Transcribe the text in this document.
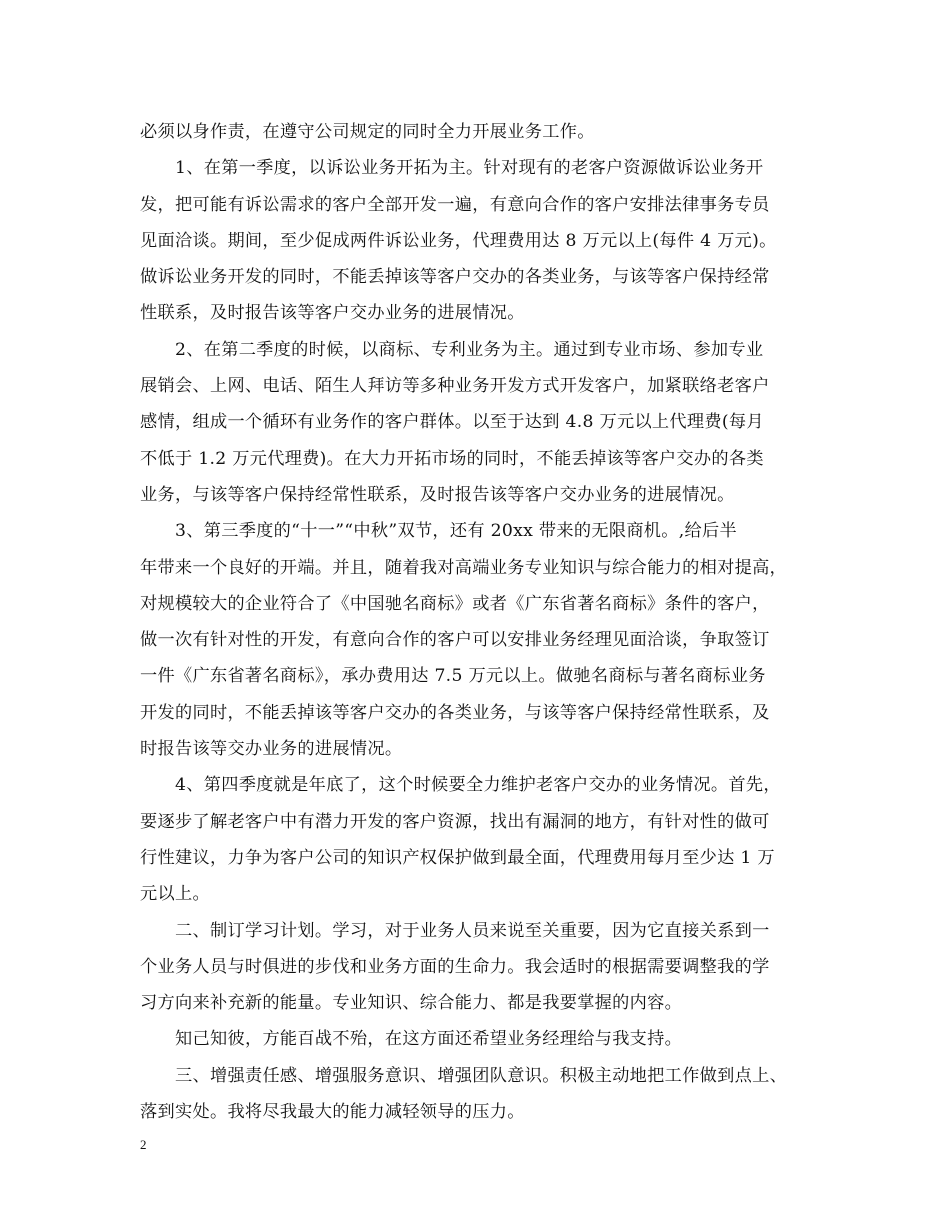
必须以身作责，在遵守公司规定的同时全力开展业务工作。
1、在第一季度，以诉讼业务开拓为主。针对现有的老客户资源做诉讼业务开
发，把可能有诉讼需求的客户全部开发一遍，有意向合作的客户安排法律事务专员
见面洽谈。期间，至少促成两件诉讼业务，代理费用达 8 万元以上(每件 4 万元)。
做诉讼业务开发的同时，不能丢掉该等客户交办的各类业务，与该等客户保持经常
性联系，及时报告该等客户交办业务的进展情况。
2、在第二季度的时候，以商标、专利业务为主。通过到专业市场、参加专业
展销会、上网、电话、陌生人拜访等多种业务开发方式开发客户，加紧联络老客户
感情，组成一个循环有业务作的客户群体。以至于达到 4.8 万元以上代理费(每月
不低于 1.2 万元代理费)。在大力开拓市场的同时，不能丢掉该等客户交办的各类
业务，与该等客户保持经常性联系，及时报告该等客户交办业务的进展情况。
3、第三季度的“十一”“中秋”双节，还有 20xx 带来的无限商机。,给后半
年带来一个良好的开端。并且，随着我对高端业务专业知识与综合能力的相对提高，
对规模较大的企业符合了《中国驰名商标》或者《广东省著名商标》条件的客户，
做一次有针对性的开发，有意向合作的客户可以安排业务经理见面洽谈，争取签订
一件《广东省著名商标》，承办费用达 7.5 万元以上。做驰名商标与著名商标业务
开发的同时，不能丢掉该等客户交办的各类业务，与该等客户保持经常性联系，及
时报告该等交办业务的进展情况。
4、第四季度就是年底了，这个时候要全力维护老客户交办的业务情况。首先，
要逐步了解老客户中有潜力开发的客户资源，找出有漏洞的地方，有针对性的做可
行性建议，力争为客户公司的知识产权保护做到最全面，代理费用每月至少达 1 万
元以上。
二、制订学习计划。学习，对于业务人员来说至关重要，因为它直接关系到一
个业务人员与时俱进的步伐和业务方面的生命力。我会适时的根据需要调整我的学
习方向来补充新的能量。专业知识、综合能力、都是我要掌握的内容。
知己知彼，方能百战不殆，在这方面还希望业务经理给与我支持。
三、增强责任感、增强服务意识、增强团队意识。积极主动地把工作做到点上、
落到实处。我将尽我最大的能力减轻领导的压力。
2
